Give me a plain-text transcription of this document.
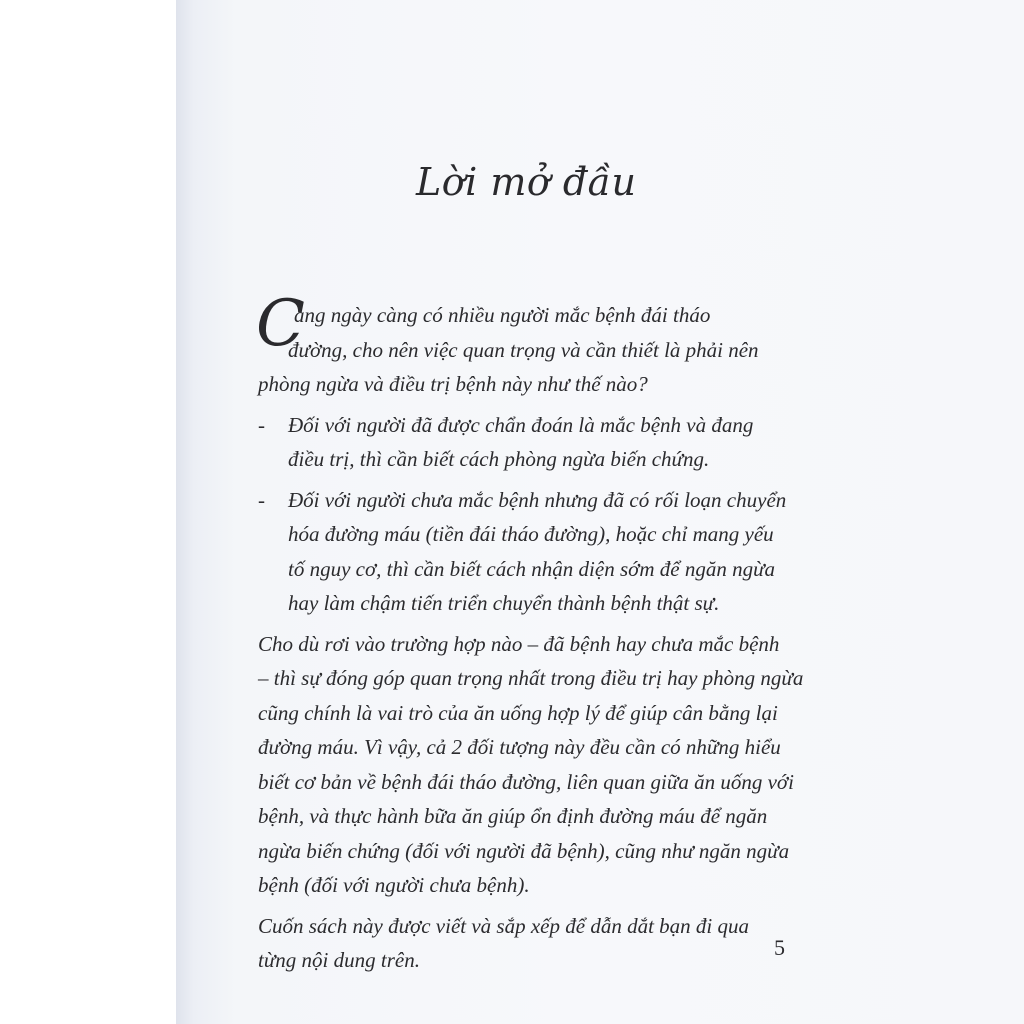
Lời mở đầu
C
àng ngày càng có nhiều người mắc bệnh đái tháo
đường, cho nên việc quan trọng và cần thiết là phải nên
phòng ngừa và điều trị bệnh này như thế nào?
- Đối với người đã được chẩn đoán là mắc bệnh và đang
điều trị, thì cần biết cách phòng ngừa biến chứng.
- Đối với người chưa mắc bệnh nhưng đã có rối loạn chuyển
hóa đường máu (tiền đái tháo đường), hoặc chỉ mang yếu
tố nguy cơ, thì cần biết cách nhận diện sớm để ngăn ngừa
hay làm chậm tiến triển chuyển thành bệnh thật sự.
Cho dù rơi vào trường hợp nào – đã bệnh hay chưa mắc bệnh
– thì sự đóng góp quan trọng nhất trong điều trị hay phòng ngừa
cũng chính là vai trò của ăn uống hợp lý để giúp cân bằng lại
đường máu. Vì vậy, cả 2 đối tượng này đều cần có những hiểu
biết cơ bản về bệnh đái tháo đường, liên quan giữa ăn uống với
bệnh, và thực hành bữa ăn giúp ổn định đường máu để ngăn
ngừa biến chứng (đối với người đã bệnh), cũng như ngăn ngừa
bệnh (đối với người chưa bệnh).
Cuốn sách này được viết và sắp xếp để dẫn dắt bạn đi qua
từng nội dung trên.	5
